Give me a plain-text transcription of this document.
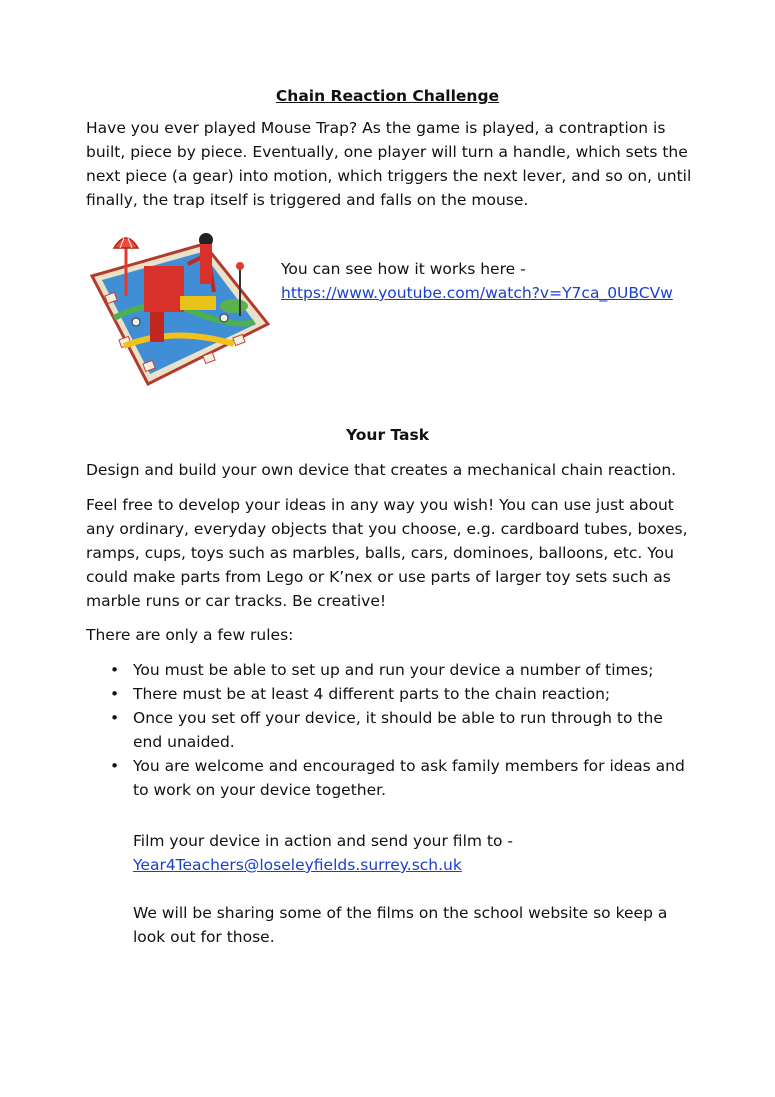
Chain Reaction Challenge

Have you ever played Mouse Trap? As the game is played, a contraption is built, piece by piece. Eventually, one player will turn a handle, which sets the next piece (a gear) into motion, which triggers the next lever, and so on, until finally, the trap itself is triggered and falls on the mouse.

You can see how it works here -
https://www.youtube.com/watch?v=Y7ca_0UBCVw
Your Task
Design and build your own device that creates a mechanical chain reaction.
Feel free to develop your ideas in any way you wish! You can use just about any ordinary, everyday objects that you choose, e.g. cardboard tubes, boxes, ramps, cups, toys such as marbles, balls, cars, dominoes, balloons, etc. You could make parts from Lego or K’nex or use parts of larger toy sets such as marble runs or car tracks. Be creative!
There are only a few rules:
• You must be able to set up and run your device a number of times;
• There must be at least 4 different parts to the chain reaction;
• Once you set off your device, it should be able to run through to the end unaided.
• You are welcome and encouraged to ask family members for ideas and to work on your device together.
Film your device in action and send your film to -
Year4Teachers@loseleyfields.surrey.sch.uk
We will be sharing some of the films on the school website so keep a look out for those.
